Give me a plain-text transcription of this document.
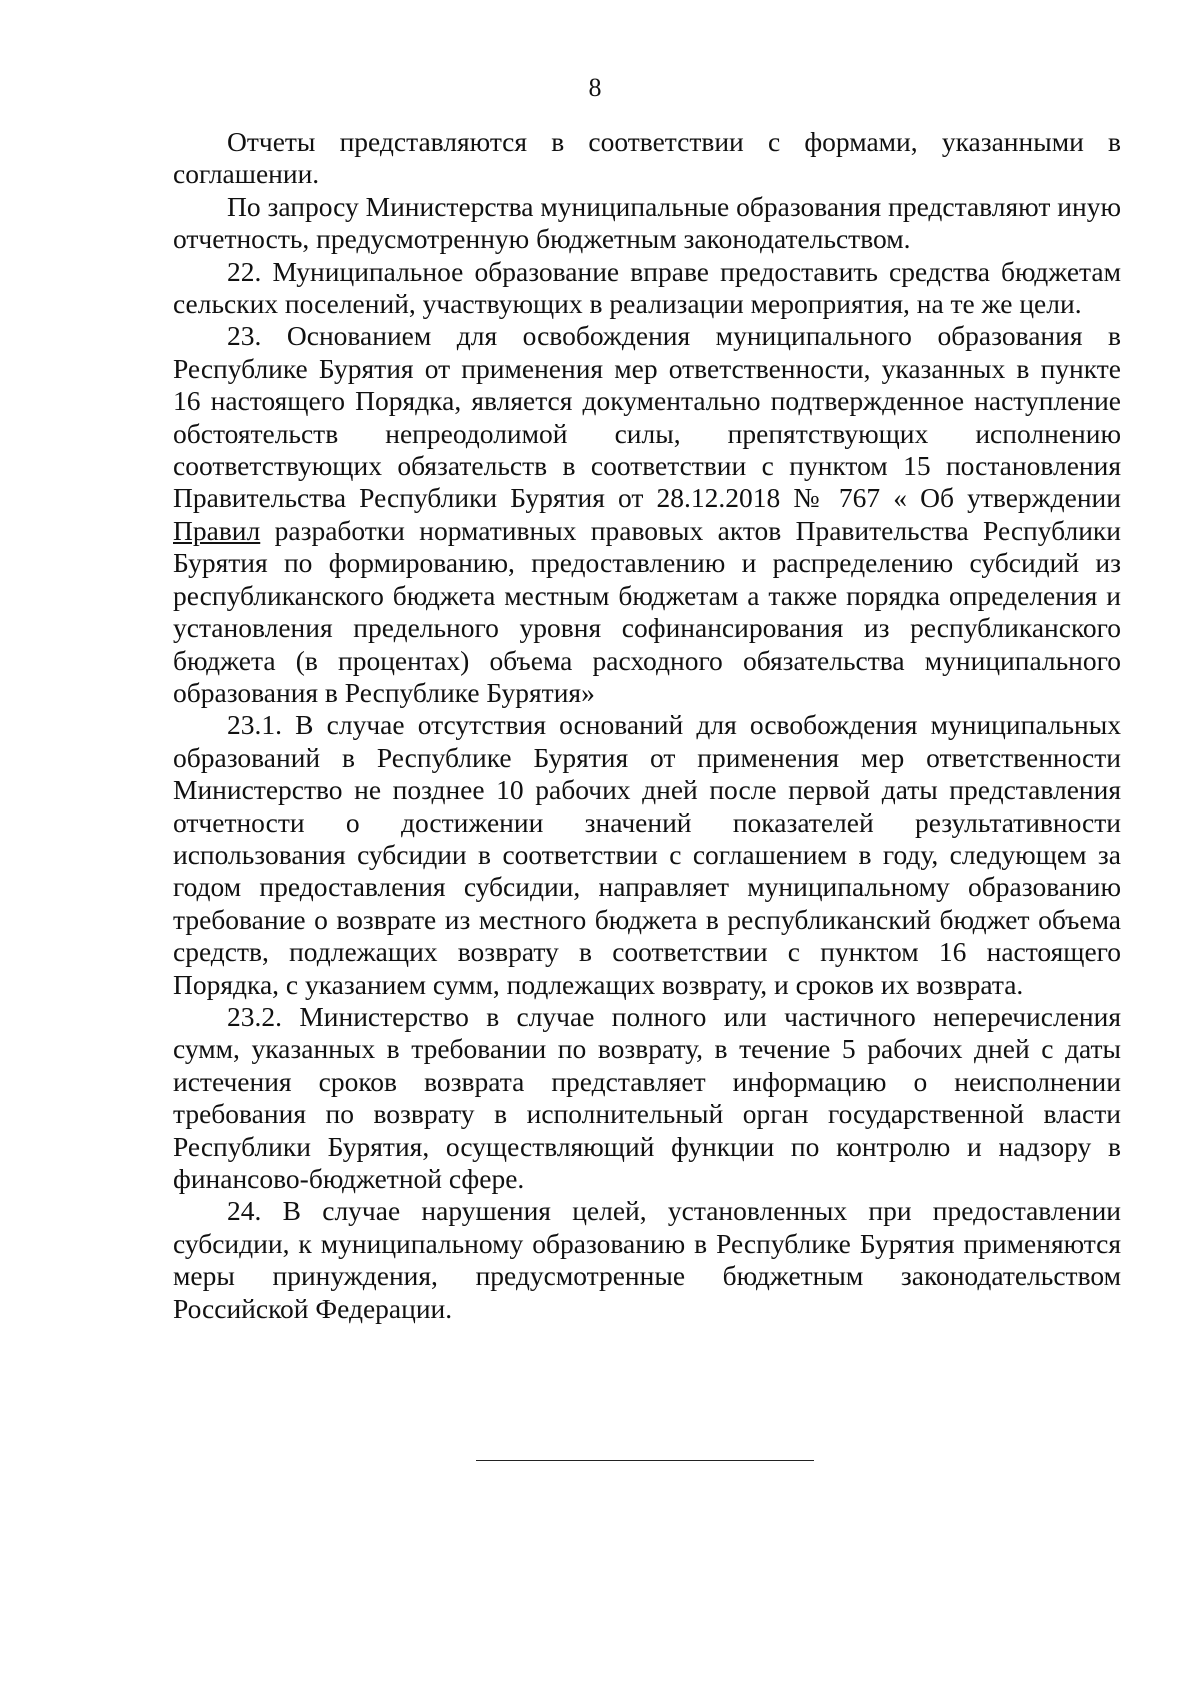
8

Отчеты представляются в соответствии с формами, указанными в соглашении.

По запросу Министерства муниципальные образования представляют иную отчетность, предусмотренную бюджетным законодательством.

22. Муниципальное образование вправе предоставить средства бюджетам сельских поселений, участвующих в реализации мероприятия, на те же цели.

23. Основанием для освобождения муниципального образования в Республике Бурятия от применения мер ответственности, указанных в пункте 16 настоящего Порядка, является документально подтвержденное наступление обстоятельств непреодолимой силы, препятствующих исполнению соответствующих обязательств в соответствии с пунктом 15 постановления Правительства Республики Бурятия от 28.12.2018 № 767 « Об утверждении Правил разработки нормативных правовых актов Правительства Республики Бурятия по формированию, предоставлению и распределению субсидий из республиканского бюджета местным бюджетам а также порядка определения и установления предельного уровня софинансирования из республиканского бюджета (в процентах) объема расходного обязательства муниципального образования в Республике Бурятия»

23.1. В случае отсутствия оснований для освобождения муниципальных образований в Республике Бурятия от применения мер ответственности Министерство не позднее 10 рабочих дней после первой даты представления отчетности о достижении значений показателей результативности использования субсидии в соответствии с соглашением в году, следующем за годом предоставления субсидии, направляет муниципальному образованию требование о возврате из местного бюджета в республиканский бюджет объема средств, подлежащих возврату в соответствии с пунктом 16 настоящего Порядка, с указанием сумм, подлежащих возврату, и сроков их возврата.

23.2. Министерство в случае полного или частичного неперечисления сумм, указанных в требовании по возврату, в течение 5 рабочих дней с даты истечения сроков возврата представляет информацию о неисполнении требования по возврату в исполнительный орган государственной власти Республики Бурятия, осуществляющий функции по контролю и надзору в финансово-бюджетной сфере.

24. В случае нарушения целей, установленных при предоставлении субсидии, к муниципальному образованию в Республике Бурятия применяются меры принуждения, предусмотренные бюджетным законодательством Российской Федерации.
